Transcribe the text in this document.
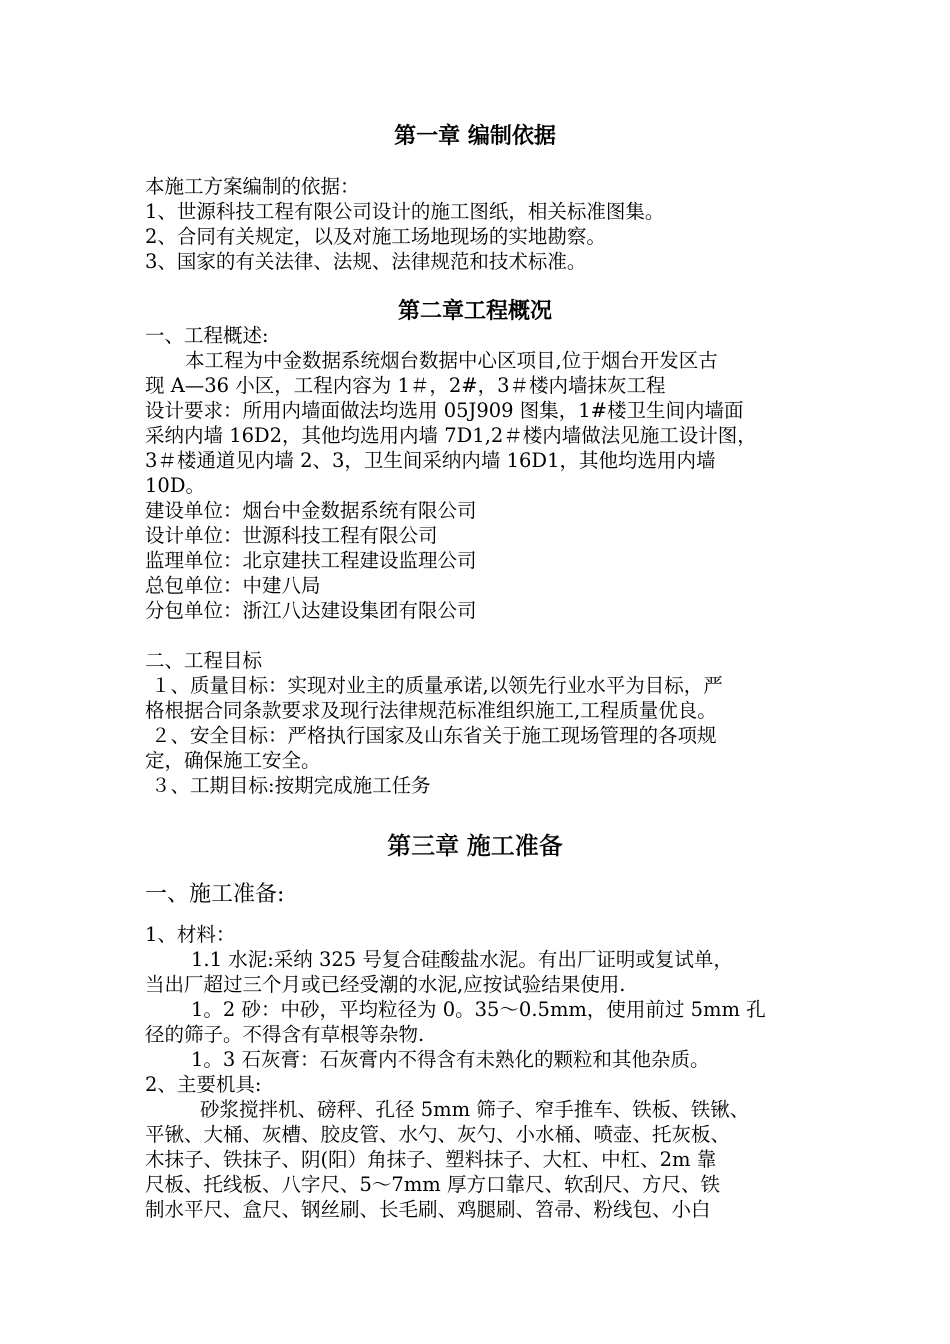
第一章 编制依据
本施工方案编制的依据：
1、世源科技工程有限公司设计的施工图纸，相关标准图集。
2、合同有关规定，以及对施工场地现场的实地勘察。
3、国家的有关法律、法规、法律规范和技术标准。
第二章工程概况
一、工程概述:
本工程为中金数据系统烟台数据中心区项目,位于烟台开发区古
现 A—36 小区，工程内容为 1＃，2#，3＃楼内墙抹灰工程
设计要求：所用内墙面做法均选用 05J909 图集，1#楼卫生间内墙面
采纳内墙 16D2，其他均选用内墙 7D1,2＃楼内墙做法见施工设计图，
3＃楼通道见内墙 2、3，卫生间采纳内墙 16D1，其他均选用内墙
10D。
建设单位：烟台中金数据系统有限公司
设计单位：世源科技工程有限公司
监理单位：北京建扶工程建设监理公司
总包单位：中建八局
分包单位：浙江八达建设集团有限公司
二、工程目标
１、质量目标：实现对业主的质量承诺,以领先行业水平为目标，严
格根据合同条款要求及现行法律规范标准组织施工,工程质量优良。
２、安全目标：严格执行国家及山东省关于施工现场管理的各项规
定，确保施工安全。
３、工期目标:按期完成施工任务
第三章 施工准备
一、施工准备:
1、材料：
1.1 水泥:采纳 325 号复合硅酸盐水泥。有出厂证明或复试单，
当出厂超过三个月或已经受潮的水泥,应按试验结果使用.
1。2 砂：中砂，平均粒径为 0。35～0.5mm，使用前过 5mm 孔
径的筛子。不得含有草根等杂物.
1。3 石灰膏：石灰膏内不得含有未熟化的颗粒和其他杂质。
2、主要机具:
砂浆搅拌机、磅秤、孔径 5mm 筛子、窄手推车、铁板、铁锹、
平锹、大桶、灰槽、胶皮管、水勺、灰勺、小水桶、喷壶、托灰板、
木抹子、铁抹子、阴(阳）角抹子、塑料抹子、大杠、中杠、2m 靠
尺板、托线板、八字尺、5～7mm 厚方口靠尺、软刮尺、方尺、铁
制水平尺、盒尺、钢丝刷、长毛刷、鸡腿刷、笤帚、粉线包、小白
